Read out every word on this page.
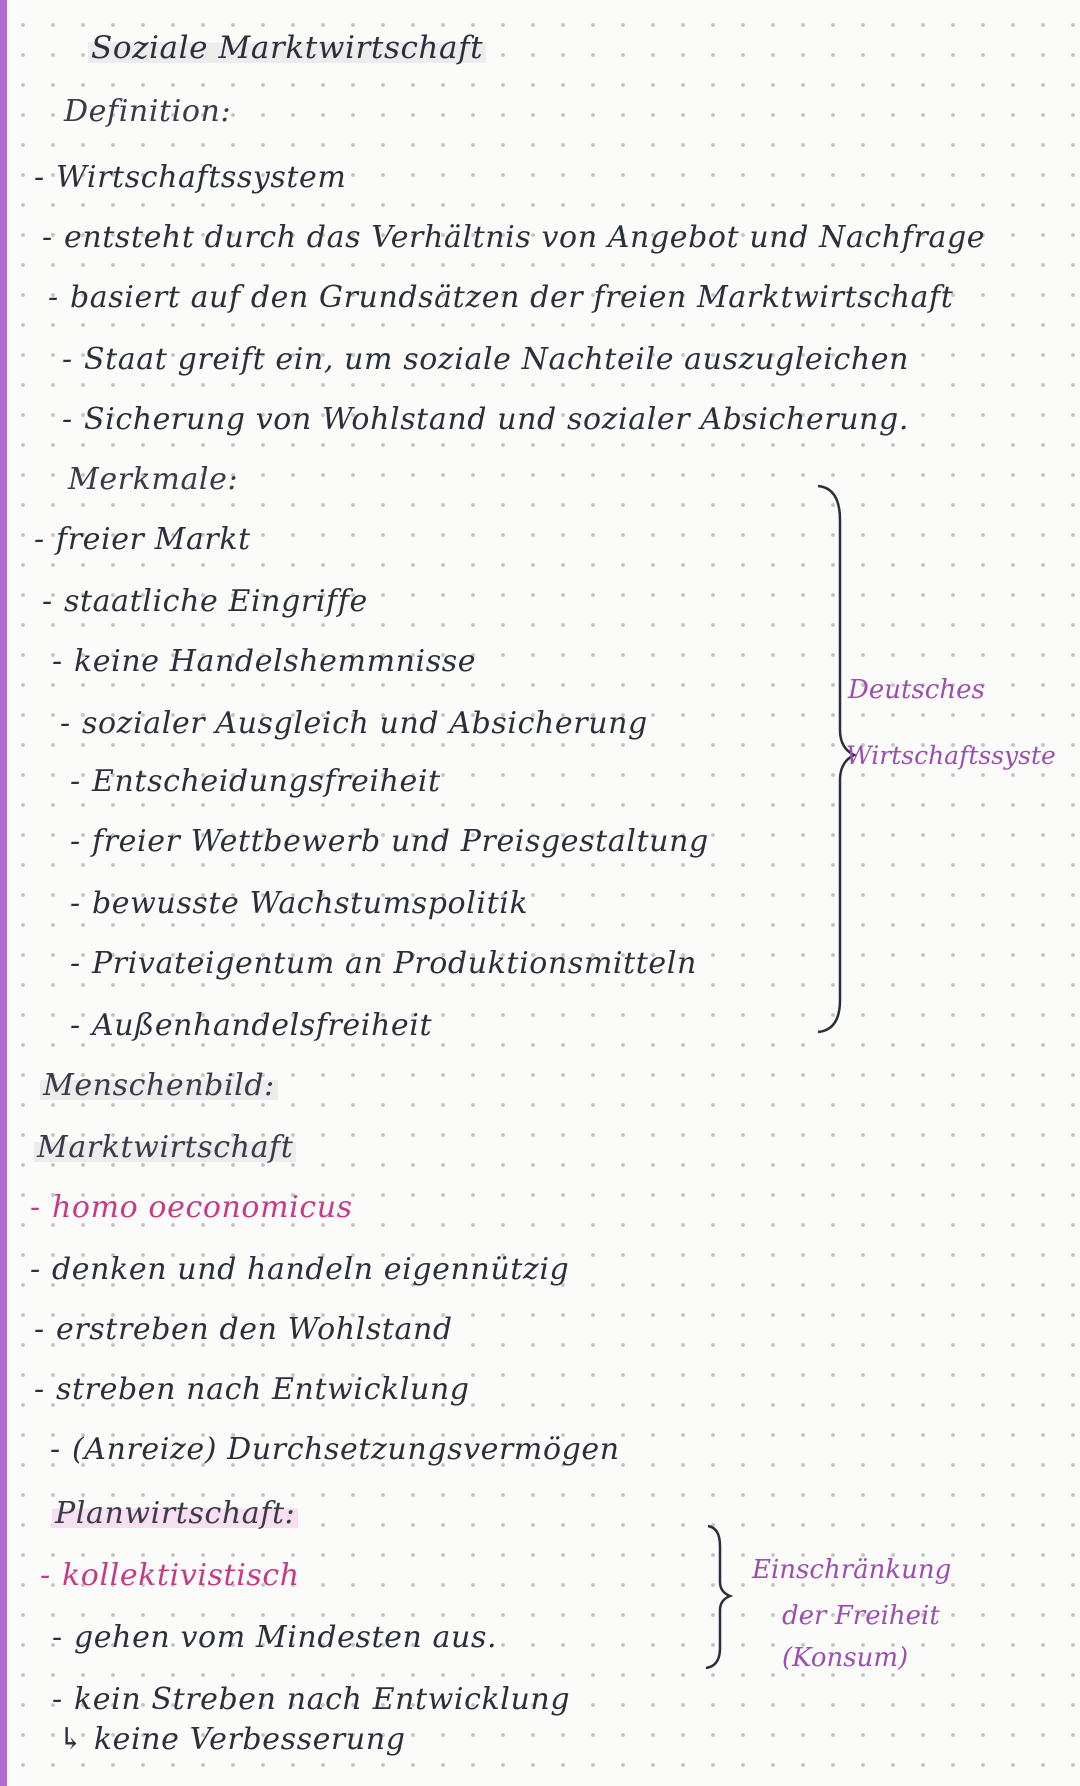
Soziale Marktwirtschaft
Definition:
- Wirtschaftssystem
- entsteht durch das Verhältnis von Angebot und Nachfrage
- basiert auf den Grundsätzen der freien Marktwirtschaft
- Staat greift ein, um soziale Nachteile auszugleichen
- Sicherung von Wohlstand und sozialer Absicherung.
Merkmale:
- freier Markt
- staatliche Eingriffe
- keine Handelshemmnisse
- sozialer Ausgleich und Absicherung
- Entscheidungsfreiheit
- freier Wettbewerb und Preisgestaltung
- bewusste Wachstumspolitik
- Privateigentum an Produktionsmitteln
- Außenhandelsfreiheit
Deutsches
Wirtschaftssyste
Menschenbild:
Marktwirtschaft
- homo oeconomicus
- denken und handeln eigennützig
- erstreben den Wohlstand
- streben nach Entwicklung
- (Anreize) Durchsetzungsvermögen
Planwirtschaft:
- kollektivistisch
- gehen vom Mindesten aus.
- kein Streben nach Entwicklung
↳ keine Verbesserung
Einschränkung
der Freiheit
(Konsum)
